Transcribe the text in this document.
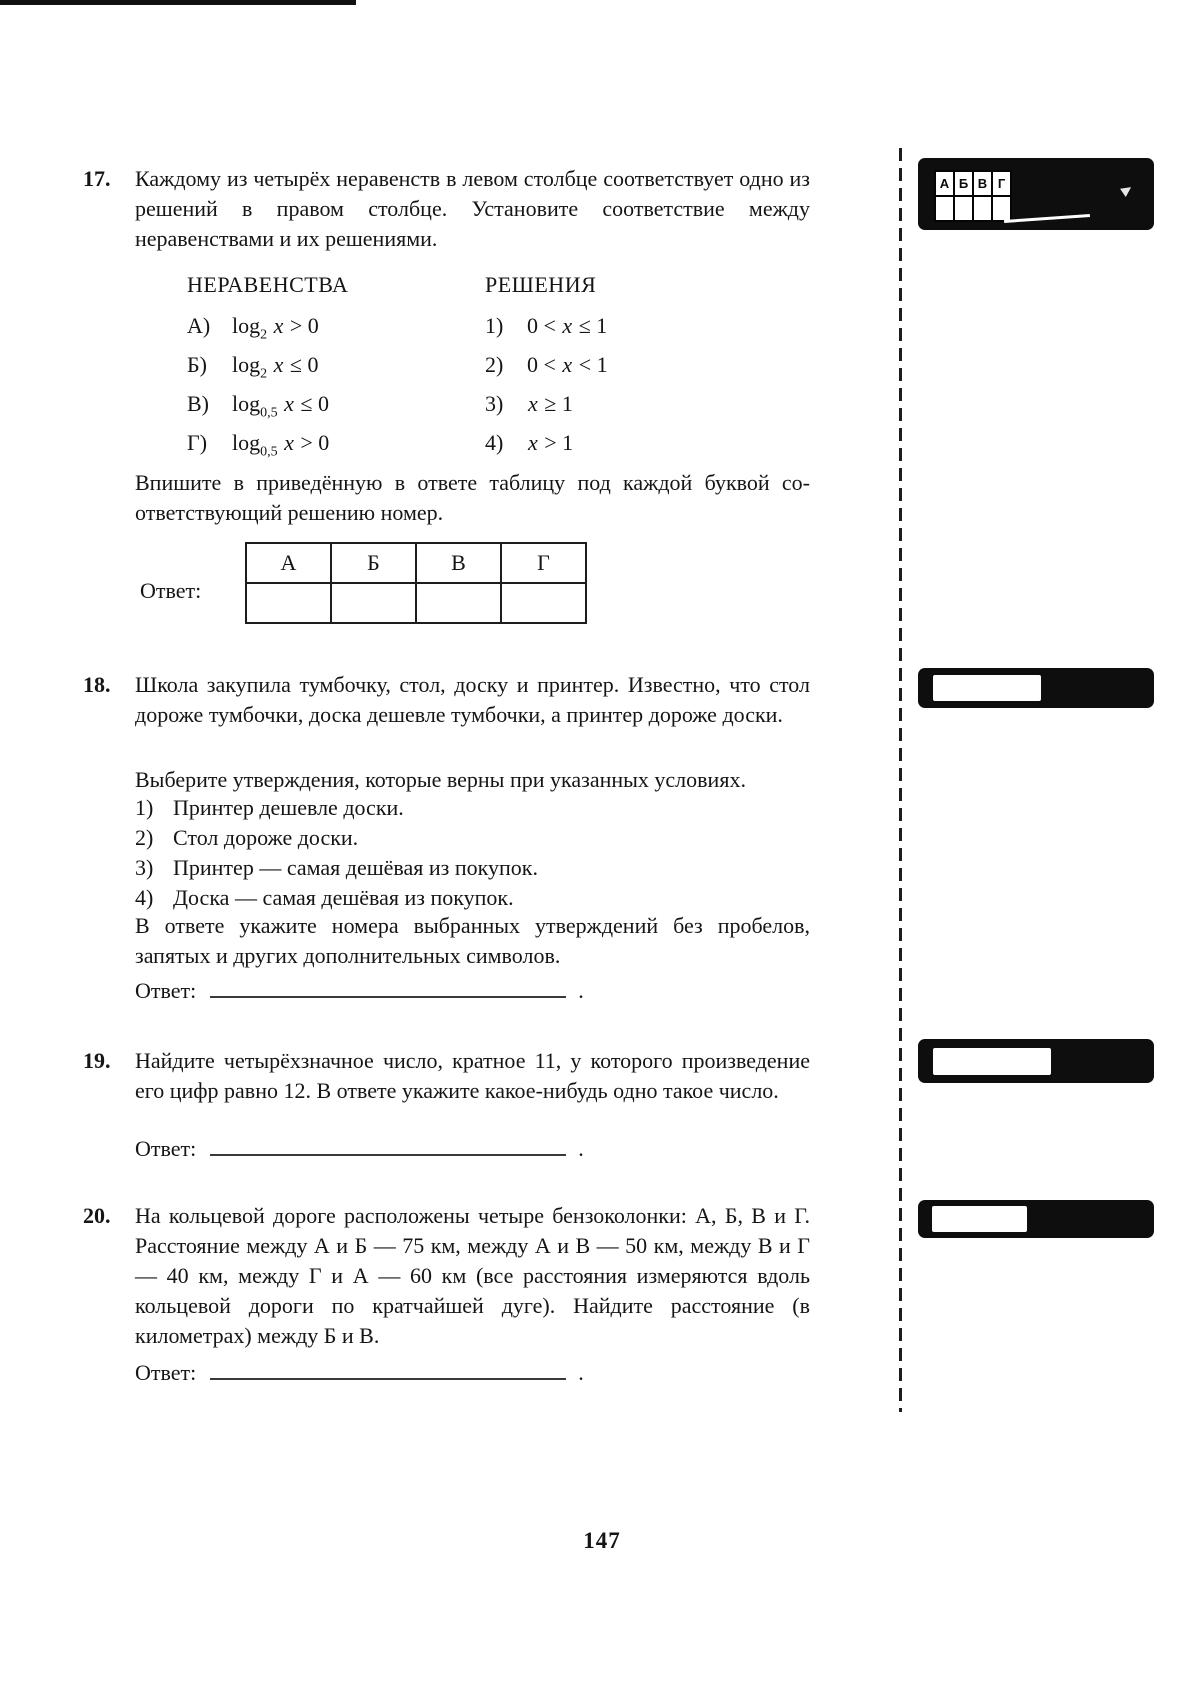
17.	Каждому из четырёх неравенств в левом столбце соответствует одно из решений в правом столбце. Установите соответствие между неравенствами и их решениями.
НЕРАВЕНСТВА	РЕШЕНИЯ
А) $\log_2 x > 0$	1)	0 < x ≤ 1
Б)	$\log_2 x \le 0$	2)	0 < x < 1
В)	$\log_{0,5} x \le 0$	3)	x ≥ 1
Г)	$\log_{0,5} x > 0$	4)	x > 1
Впишите в приведённую в ответе таблицу под каждой буквой соответствующий решению номер.
Ответ:
А	Б	В	Г

18.	Школа закупила тумбочку, стол, доску и принтер. Известно, что стол дороже тумбочки, доска дешевле тумбочки, а принтер дороже доски.
Выберите утверждения, которые верны при указанных условиях.
1) Принтер дешевле доски.
2) Стол дороже доски.
3) Принтер — самая дешёвая из покупок.
4) Доска — самая дешёвая из покупок.
В ответе укажите номера выбранных утверждений без пробелов, запятых и других дополнительных символов.
Ответ:	.
19.	Найдите четырёхзначное число, кратное 11, у которого произведение его цифр равно 12. В ответе укажите какое-нибудь одно такое число.
Ответ:	.
20.	На кольцевой дороге расположены четыре бензоколонки: А, Б, В и Г. Расстояние между А и Б — 75 км, между А и В — 50 км, между В и Г — 40 км, между Г и А — 60 км (все расстояния измеряются вдоль кольцевой дороги по кратчайшей дуге). Найдите расстояние (в километрах) между Б и В.
Ответ:	.
А	Б	В	Г

147
